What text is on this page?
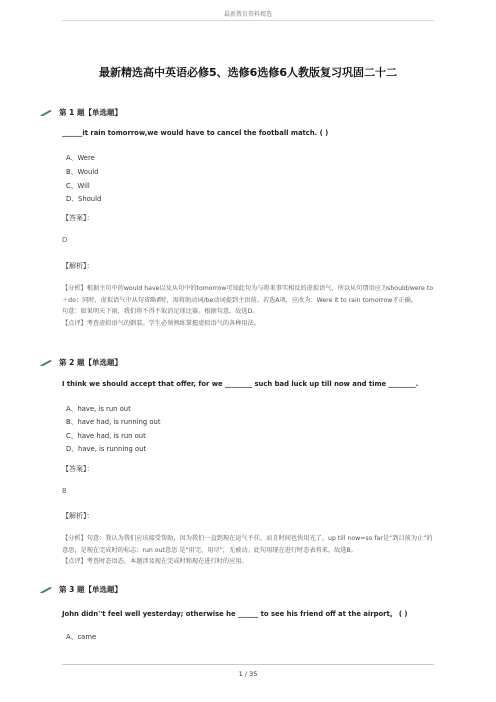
最新教育资料精选
最新精选高中英语必修5、选修6选修6人教版复习巩固二十二
第 1 题【单选题】
______it rain tomorrow,we would have to cancel the football match. ( )
A、Were
B、Would
C、Will
D、Should
【答案】：
D
【解析】：
【分析】根据主句中的would have以及从句中的tomorrow可知此句为与将来事实相反的虚拟语气，所以从句谓语应为should/were to＋do；同时，虚拟语气中从句省略if时，需将助动词/be动词提到主语前。若选A项，应改为：Were it to rain tomorrow才正确。
句意：如果明天下雨，我们将不得不取消足球比赛。根据句意，故选D。
【点评】考查虚拟语气的倒装。学生必须熟练掌握虚拟语气的各种用法。
第 2 题【单选题】
I think we should accept that offer, for we ________ such bad luck up till now and time ________.
A、have, is run out
B、have had, is running out
C、have had, is run out
D、have, is running out
【答案】：
B
【解析】：
【分析】句意：我认为我们应该接受帮助，因为我们一直到现在运气不佳，而且时间也快用光了。up till now=so far是“到目前为止”的意思，是现在完成时的标志；run out意思 是“用完，用尽”，无被动。此句用现在进行时态表将来。故选B。
【点评】考查时态语态，本题涉及现在完成时和现在进行时的应用。
第 3 题【单选题】
John didn''t feel well yesterday; otherwise he ______ to see his friend off at the airport。 ( )
A、came
1 / 35
